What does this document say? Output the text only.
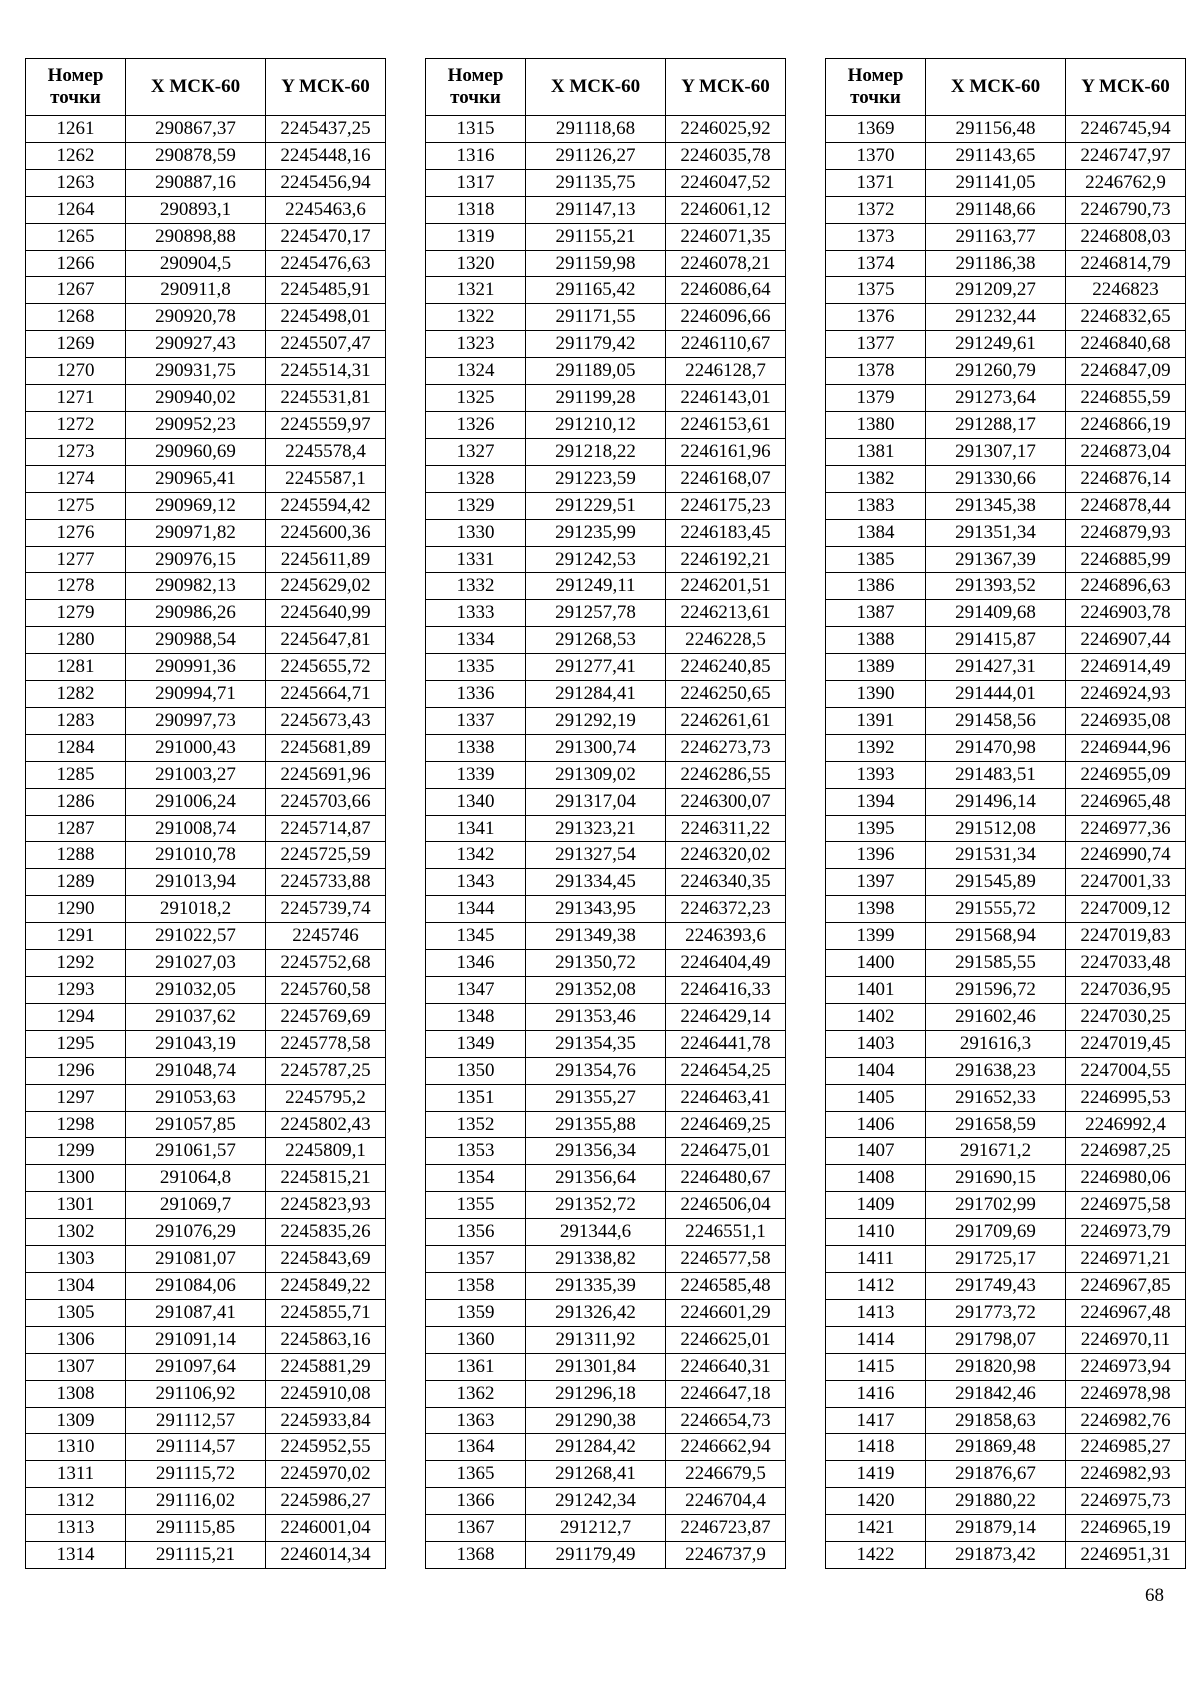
Номер
точки	X МСК-60	Y МСК-60
1261	290867,37	2245437,25
1262	290878,59	2245448,16
1263	290887,16	2245456,94
1264	290893,1	2245463,6
1265	290898,88	2245470,17
1266	290904,5	2245476,63
1267	290911,8	2245485,91
1268	290920,78	2245498,01
1269	290927,43	2245507,47
1270	290931,75	2245514,31
1271	290940,02	2245531,81
1272	290952,23	2245559,97
1273	290960,69	2245578,4
1274	290965,41	2245587,1
1275	290969,12	2245594,42
1276	290971,82	2245600,36
1277	290976,15	2245611,89
1278	290982,13	2245629,02
1279	290986,26	2245640,99
1280	290988,54	2245647,81
1281	290991,36	2245655,72
1282	290994,71	2245664,71
1283	290997,73	2245673,43
1284	291000,43	2245681,89
1285	291003,27	2245691,96
1286	291006,24	2245703,66
1287	291008,74	2245714,87
1288	291010,78	2245725,59
1289	291013,94	2245733,88
1290	291018,2	2245739,74
1291	291022,57	2245746
1292	291027,03	2245752,68
1293	291032,05	2245760,58
1294	291037,62	2245769,69
1295	291043,19	2245778,58
1296	291048,74	2245787,25
1297	291053,63	2245795,2
1298	291057,85	2245802,43
1299	291061,57	2245809,1
1300	291064,8	2245815,21
1301	291069,7	2245823,93
1302	291076,29	2245835,26
1303	291081,07	2245843,69
1304	291084,06	2245849,22
1305	291087,41	2245855,71
1306	291091,14	2245863,16
1307	291097,64	2245881,29
1308	291106,92	2245910,08
1309	291112,57	2245933,84
1310	291114,57	2245952,55
1311	291115,72	2245970,02
1312	291116,02	2245986,27
1313	291115,85	2246001,04
1314	291115,21	2246014,34
Номер
точки	X МСК-60	Y МСК-60
1315	291118,68	2246025,92
1316	291126,27	2246035,78
1317	291135,75	2246047,52
1318	291147,13	2246061,12
1319	291155,21	2246071,35
1320	291159,98	2246078,21
1321	291165,42	2246086,64
1322	291171,55	2246096,66
1323	291179,42	2246110,67
1324	291189,05	2246128,7
1325	291199,28	2246143,01
1326	291210,12	2246153,61
1327	291218,22	2246161,96
1328	291223,59	2246168,07
1329	291229,51	2246175,23
1330	291235,99	2246183,45
1331	291242,53	2246192,21
1332	291249,11	2246201,51
1333	291257,78	2246213,61
1334	291268,53	2246228,5
1335	291277,41	2246240,85
1336	291284,41	2246250,65
1337	291292,19	2246261,61
1338	291300,74	2246273,73
1339	291309,02	2246286,55
1340	291317,04	2246300,07
1341	291323,21	2246311,22
1342	291327,54	2246320,02
1343	291334,45	2246340,35
1344	291343,95	2246372,23
1345	291349,38	2246393,6
1346	291350,72	2246404,49
1347	291352,08	2246416,33
1348	291353,46	2246429,14
1349	291354,35	2246441,78
1350	291354,76	2246454,25
1351	291355,27	2246463,41
1352	291355,88	2246469,25
1353	291356,34	2246475,01
1354	291356,64	2246480,67
1355	291352,72	2246506,04
1356	291344,6	2246551,1
1357	291338,82	2246577,58
1358	291335,39	2246585,48
1359	291326,42	2246601,29
1360	291311,92	2246625,01
1361	291301,84	2246640,31
1362	291296,18	2246647,18
1363	291290,38	2246654,73
1364	291284,42	2246662,94
1365	291268,41	2246679,5
1366	291242,34	2246704,4
1367	291212,7	2246723,87
1368	291179,49	2246737,9
Номер
точки	X МСК-60	Y МСК-60
1369	291156,48	2246745,94
1370	291143,65	2246747,97
1371	291141,05	2246762,9
1372	291148,66	2246790,73
1373	291163,77	2246808,03
1374	291186,38	2246814,79
1375	291209,27	2246823
1376	291232,44	2246832,65
1377	291249,61	2246840,68
1378	291260,79	2246847,09
1379	291273,64	2246855,59
1380	291288,17	2246866,19
1381	291307,17	2246873,04
1382	291330,66	2246876,14
1383	291345,38	2246878,44
1384	291351,34	2246879,93
1385	291367,39	2246885,99
1386	291393,52	2246896,63
1387	291409,68	2246903,78
1388	291415,87	2246907,44
1389	291427,31	2246914,49
1390	291444,01	2246924,93
1391	291458,56	2246935,08
1392	291470,98	2246944,96
1393	291483,51	2246955,09
1394	291496,14	2246965,48
1395	291512,08	2246977,36
1396	291531,34	2246990,74
1397	291545,89	2247001,33
1398	291555,72	2247009,12
1399	291568,94	2247019,83
1400	291585,55	2247033,48
1401	291596,72	2247036,95
1402	291602,46	2247030,25
1403	291616,3	2247019,45
1404	291638,23	2247004,55
1405	291652,33	2246995,53
1406	291658,59	2246992,4
1407	291671,2	2246987,25
1408	291690,15	2246980,06
1409	291702,99	2246975,58
1410	291709,69	2246973,79
1411	291725,17	2246971,21
1412	291749,43	2246967,85
1413	291773,72	2246967,48
1414	291798,07	2246970,11
1415	291820,98	2246973,94
1416	291842,46	2246978,98
1417	291858,63	2246982,76
1418	291869,48	2246985,27
1419	291876,67	2246982,93
1420	291880,22	2246975,73
1421	291879,14	2246965,19
1422	291873,42	2246951,31
68
